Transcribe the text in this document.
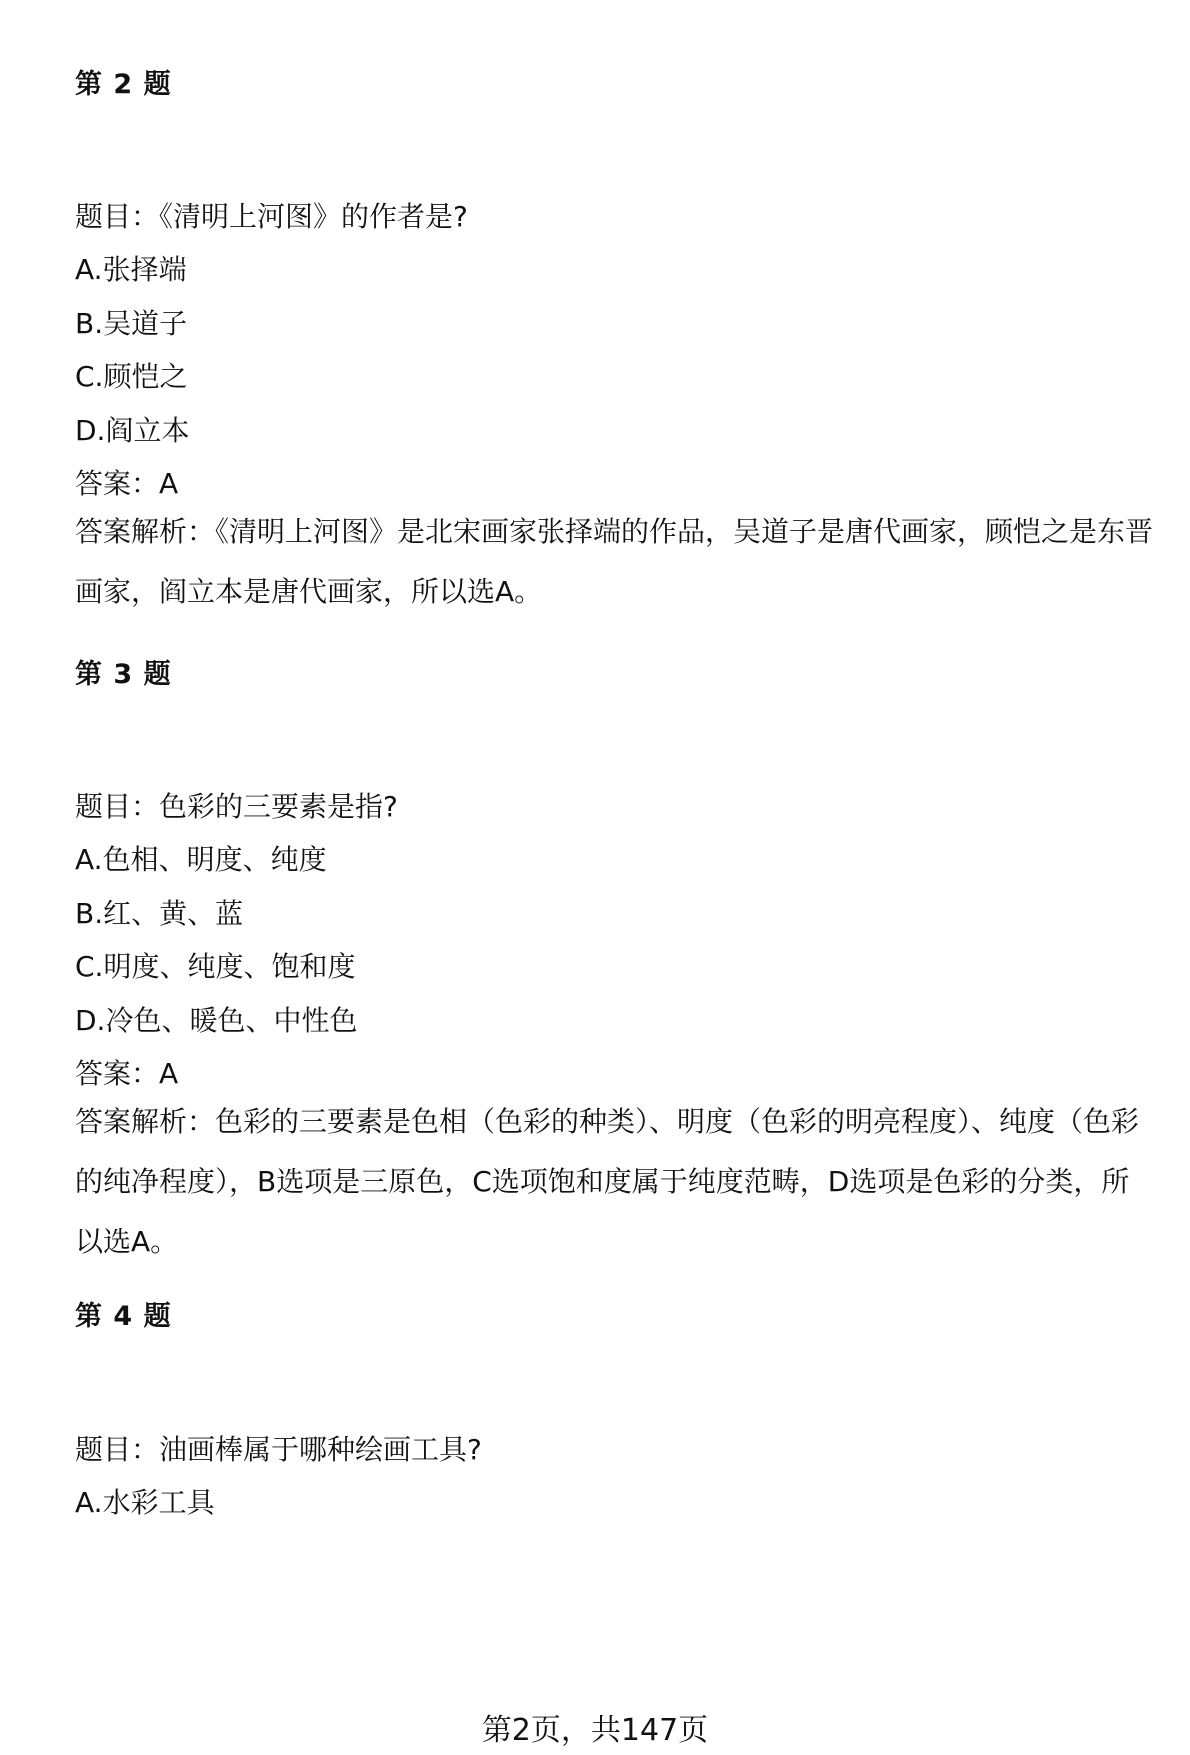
第 2 题
题目：《清明上河图》的作者是?
A.张择端
B.吴道子
C.顾恺之
D.阎立本
答案：A
答案解析：《清明上河图》是北宋画家张择端的作品，吴道子是唐代画家，顾恺之是东晋画家，阎立本是唐代画家，所以选A。
第 3 题
题目：色彩的三要素是指?
A.色相、明度、纯度
B.红、黄、蓝
C.明度、纯度、饱和度
D.冷色、暖色、中性色
答案：A
答案解析：色彩的三要素是色相（色彩的种类）、明度（色彩的明亮程度）、纯度（色彩的纯净程度），B选项是三原色，C选项饱和度属于纯度范畴，D选项是色彩的分类，所以选A。
第 4 题
题目：油画棒属于哪种绘画工具?
A.水彩工具
第2页，共147页
